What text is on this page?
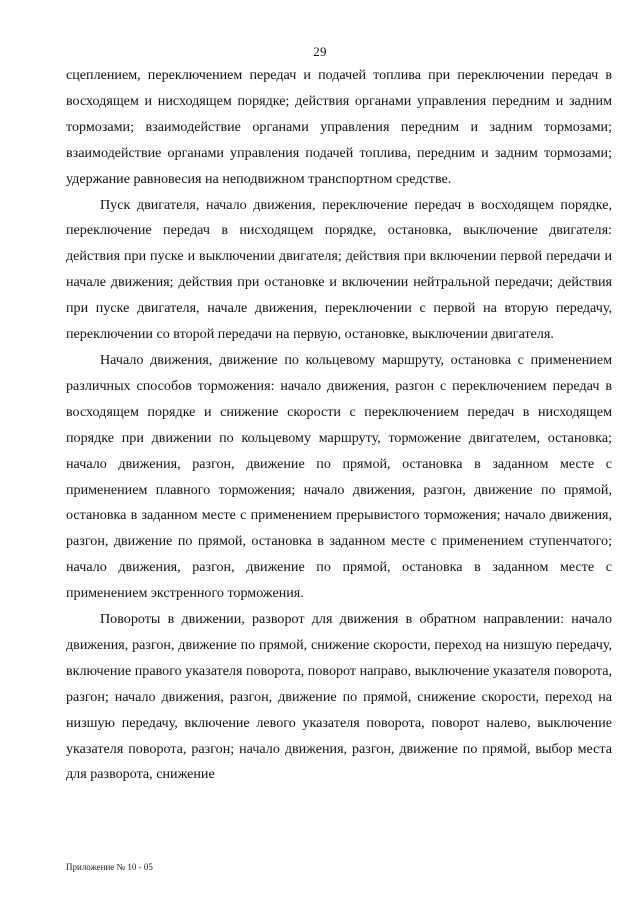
29

сцеплением, переключением передач и подачей топлива при переключении передач в восходящем и нисходящем порядке; действия органами управления передним и задним тормозами; взаимодействие органами управления передним и задним тормозами; взаимодействие органами управления подачей топлива, передним и задним тормозами; удержание равновесия на неподвижном транспортном средстве.

Пуск двигателя, начало движения, переключение передач в восходящем порядке, переключение передач в нисходящем порядке, остановка, выключение двигателя: действия при пуске и выключении двигателя; действия при включении первой передачи и начале движения; действия при остановке и включении нейтральной передачи; действия при пуске двигателя, начале движения, переключении с первой на вторую передачу, переключении со второй передачи на первую, остановке, выключении двигателя.

Начало движения, движение по кольцевому маршруту, остановка с применением различных способов торможения: начало движения, разгон с переключением передач в восходящем порядке и снижение скорости с переключением передач в нисходящем порядке при движении по кольцевому маршруту, торможение двигателем, остановка; начало движения, разгон, движение по прямой, остановка в заданном месте с применением плавного торможения; начало движения, разгон, движение по прямой, остановка в заданном месте с применением прерывистого торможения; начало движения, разгон, движение по прямой, остановка в заданном месте с применением ступенчатого; начало движения, разгон, движение по прямой, остановка в заданном месте с применением экстренного торможения.

Повороты в движении, разворот для движения в обратном направлении: начало движения, разгон, движение по прямой, снижение скорости, переход на низшую передачу, включение правого указателя поворота, поворот направо, выключение указателя поворота, разгон; начало движения, разгон, движение по прямой, снижение скорости, переход на низшую передачу, включение левого указателя поворота, поворот налево, выключение указателя поворота, разгон; начало движения, разгон, движение по прямой, выбор места для разворота, снижение

Приложение № 10 - 05
